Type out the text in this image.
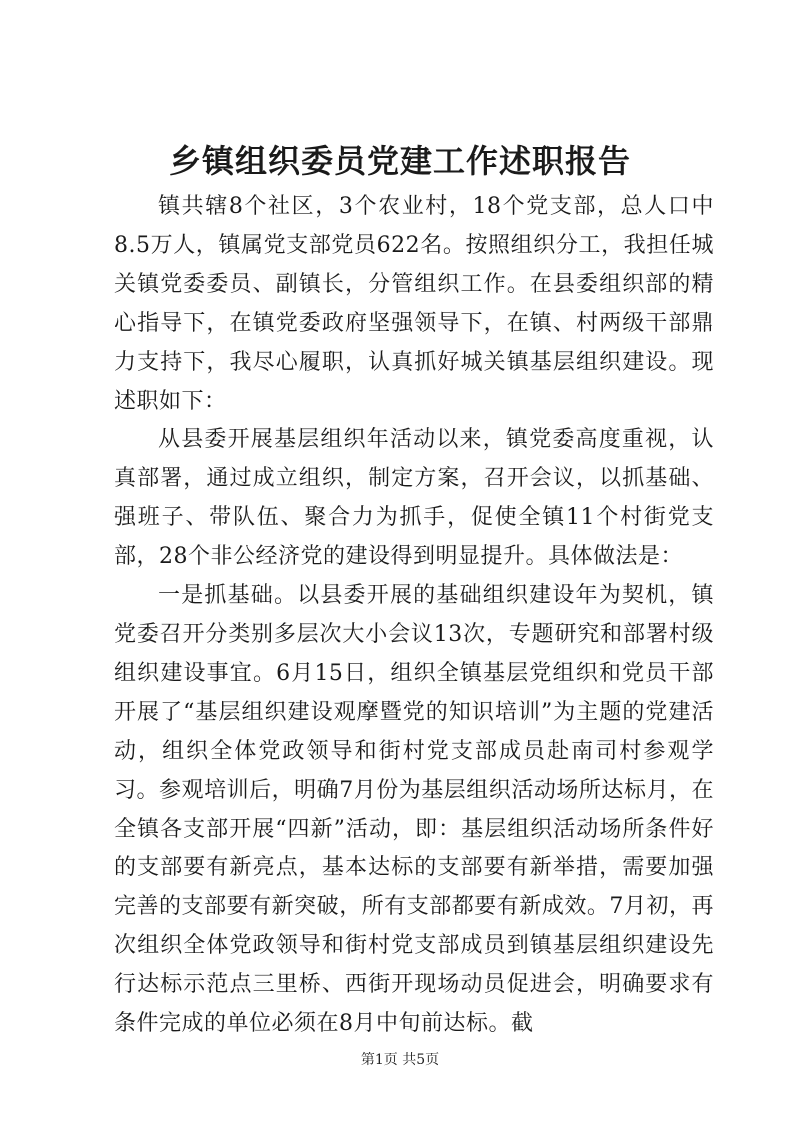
乡镇组织委员党建工作述职报告

镇共辖8个社区，3个农业村，18个党支部，总人口中8.5万人，镇属党支部党员622名。按照组织分工，我担任城关镇党委委员、副镇长，分管组织工作。在县委组织部的精心指导下，在镇党委政府坚强领导下，在镇、村两级干部鼎力支持下，我尽心履职，认真抓好城关镇基层组织建设。现述职如下：

从县委开展基层组织年活动以来，镇党委高度重视，认真部署，通过成立组织，制定方案，召开会议，以抓基础、强班子、带队伍、聚合力为抓手，促使全镇11个村街党支部，28个非公经济党的建设得到明显提升。具体做法是：

一是抓基础。以县委开展的基础组织建设年为契机，镇党委召开分类别多层次大小会议13次，专题研究和部署村级组织建设事宜。6月15日，组织全镇基层党组织和党员干部开展了“基层组织建设观摩暨党的知识培训”为主题的党建活动，组织全体党政领导和街村党支部成员赴南司村参观学习。参观培训后，明确7月份为基层组织活动场所达标月，在全镇各支部开展“四新”活动，即：基层组织活动场所条件好的支部要有新亮点，基本达标的支部要有新举措，需要加强完善的支部要有新突破，所有支部都要有新成效。7月初，再次组织全体党政领导和街村党支部成员到镇基层组织建设先行达标示范点三里桥、西街开现场动员促进会，明确要求有条件完成的单位必须在8月中旬前达标。截

第1页 共5页
